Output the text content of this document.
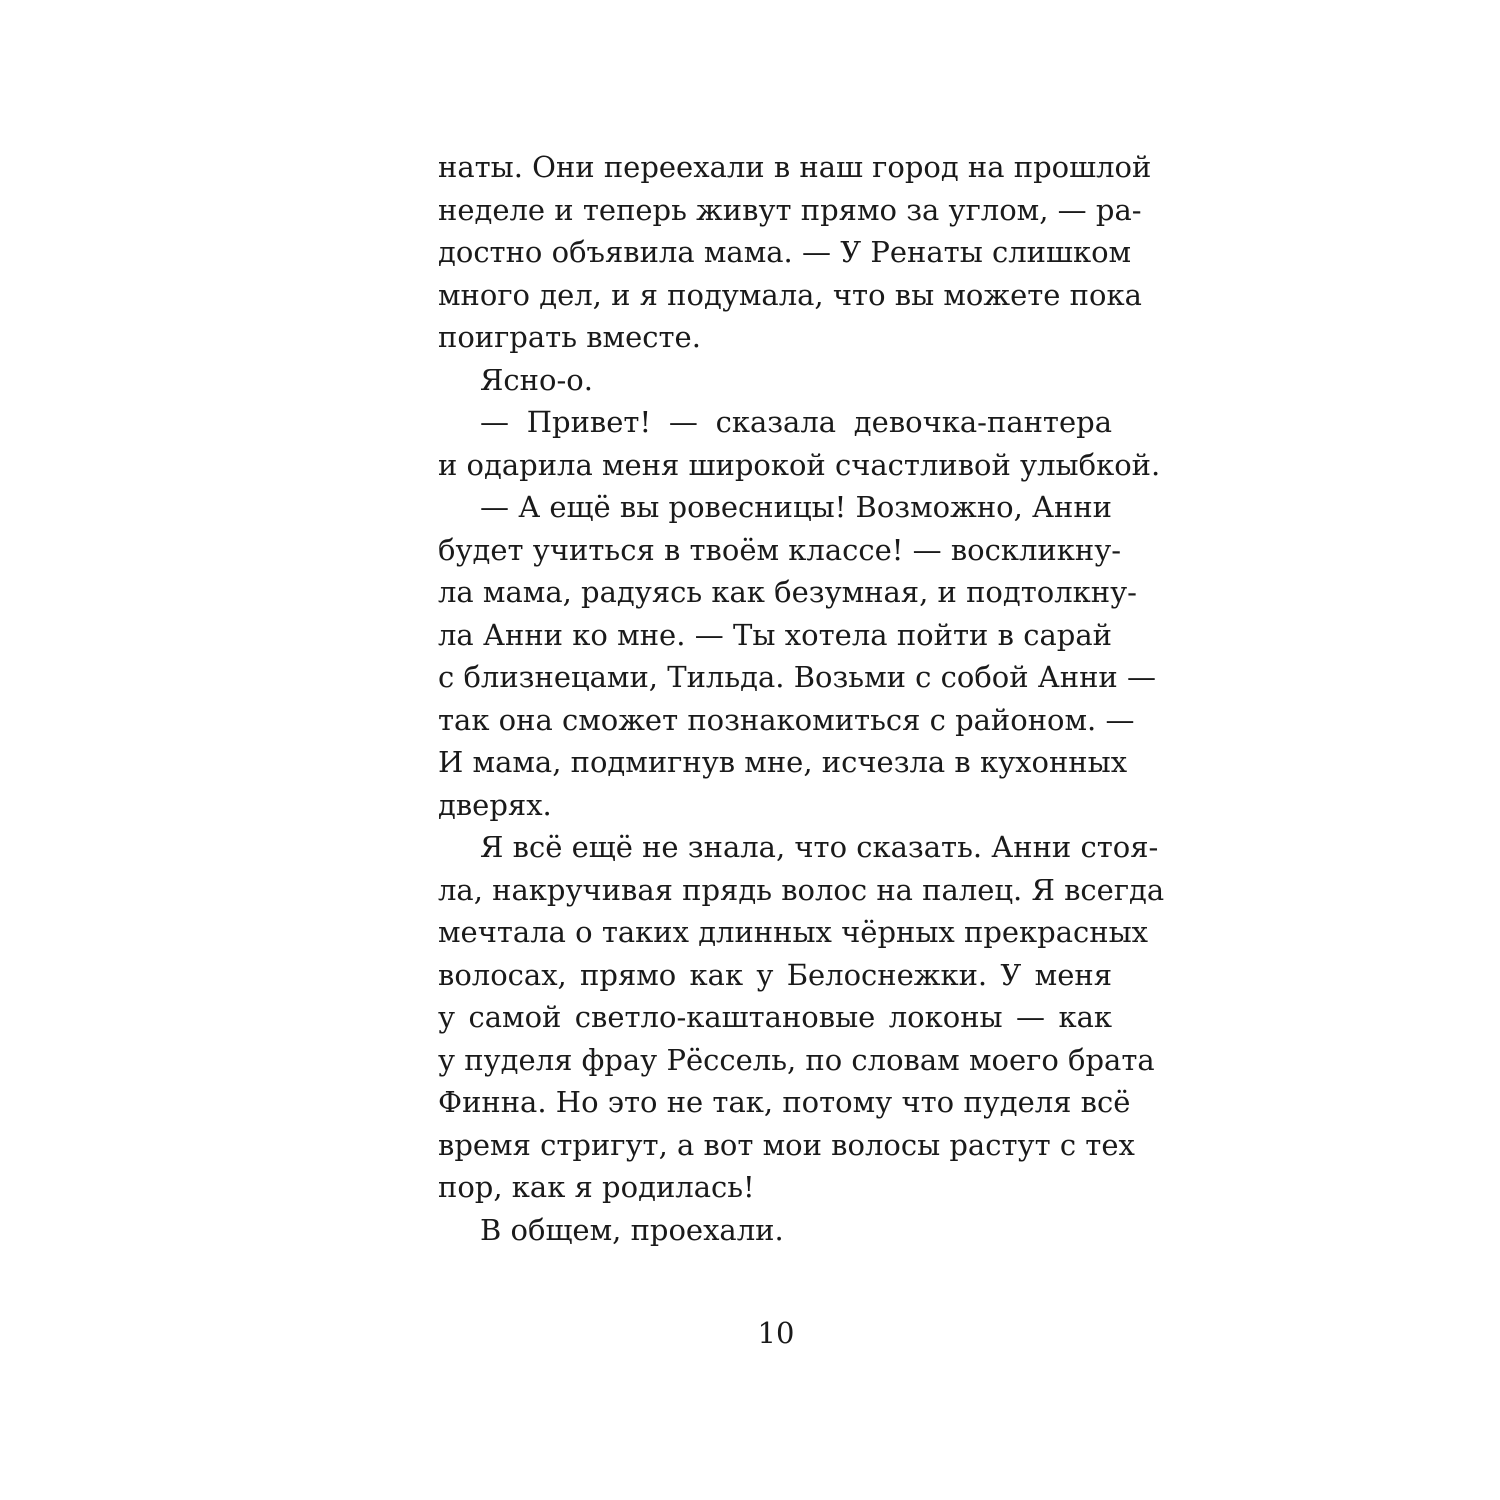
наты. Они переехали в наш город на прошлой
неделе и теперь живут прямо за углом, — ра-
достно объявила мама. — У Ренаты слишком
много дел, и я подумала, что вы можете пока
поиграть вместе.
Ясно-о.
— Привет! — сказала девочка-пантера
и одарила меня широкой счастливой улыбкой.
— А ещё вы ровесницы! Возможно, Анни
будет учиться в твоём классе! — воскликну-
ла мама, радуясь как безумная, и подтолкну-
ла Анни ко мне. — Ты хотела пойти в сарай
с близнецами, Тильда. Возьми с собой Анни —
так она сможет познакомиться с районом. —
И мама, подмигнув мне, исчезла в кухонных
дверях.
Я всё ещё не знала, что сказать. Анни стоя-
ла, накручивая прядь волос на палец. Я всегда
мечтала о таких длинных чёрных прекрасных
волосах, прямо как у Белоснежки. У меня
у самой светло-каштановые локоны — как
у пуделя фрау Рёссель, по словам моего брата
Финна. Но это не так, потому что пуделя всё
время стригут, а вот мои волосы растут с тех
пор, как я родилась!
В общем, проехали.
10
